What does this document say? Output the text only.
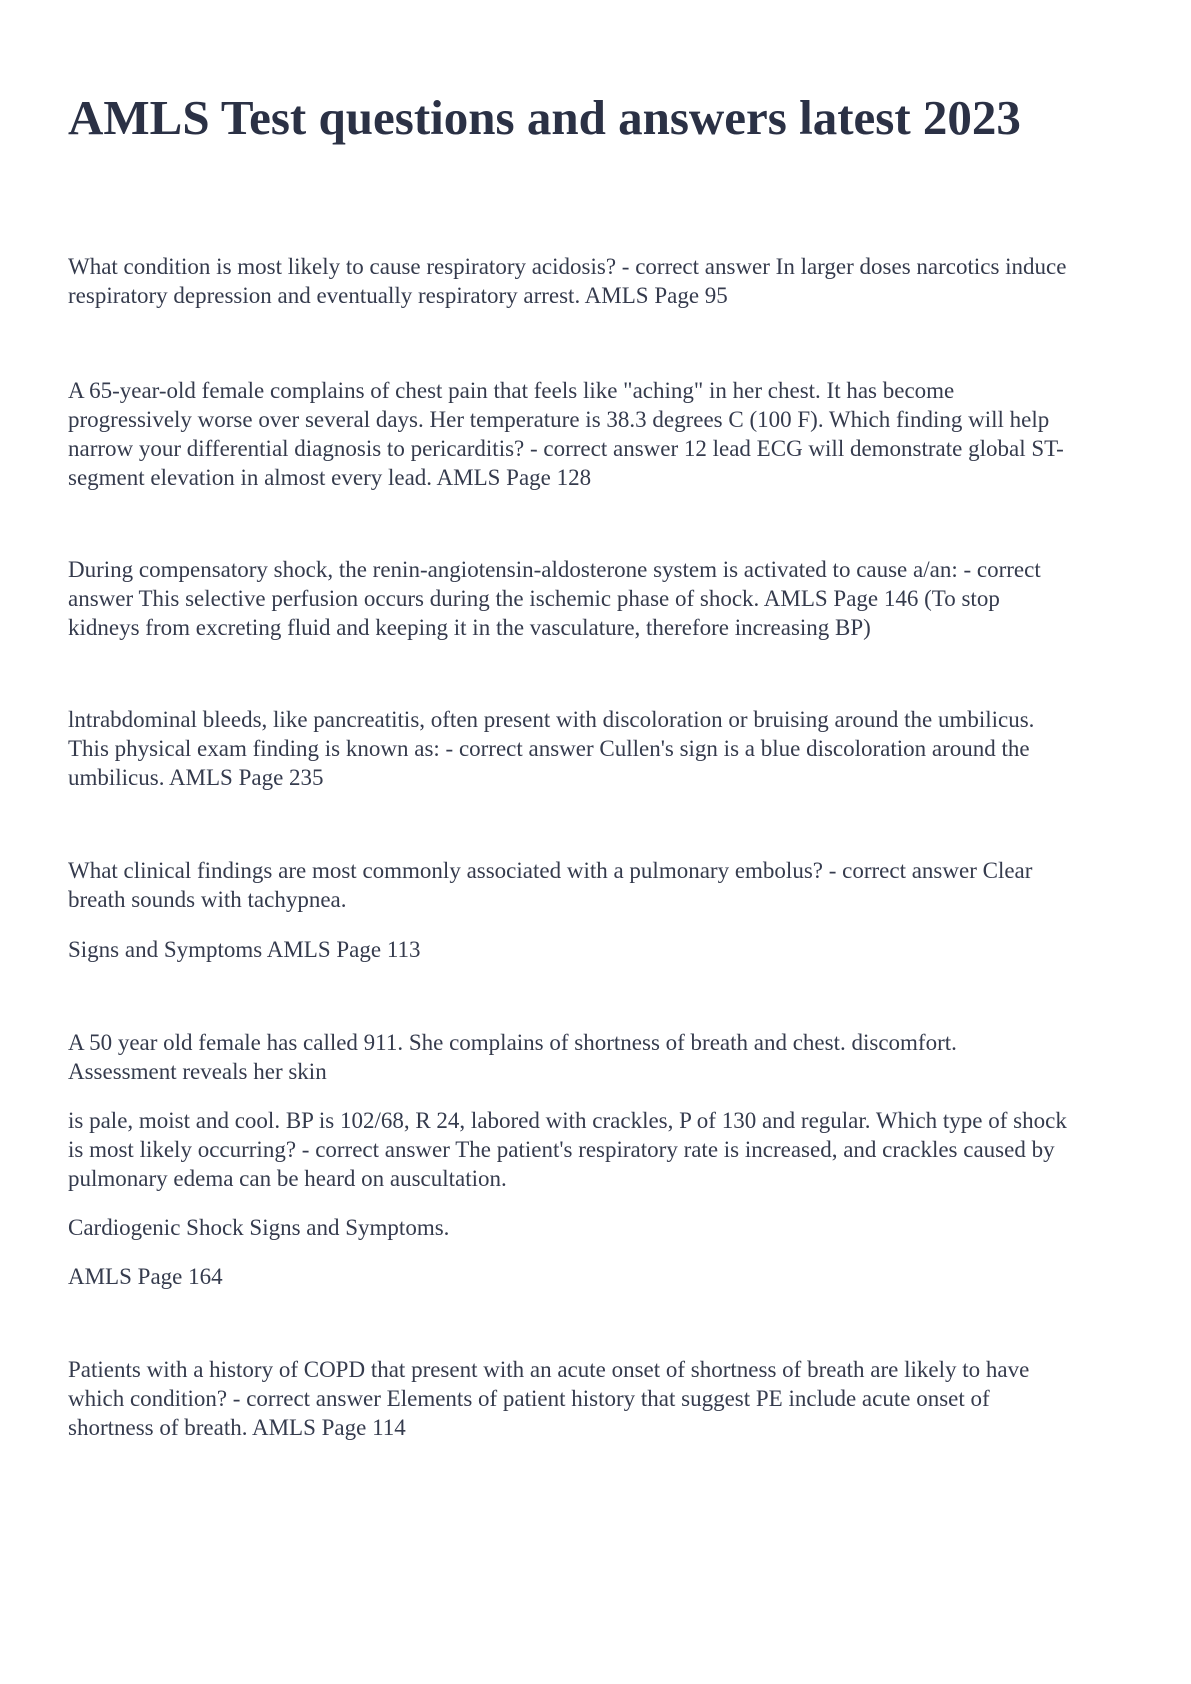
AMLS Test questions and answers latest 2023

What condition is most likely to cause respiratory acidosis? - correct answer In larger doses narcotics induce
respiratory depression and eventually respiratory arrest. AMLS Page 95

A 65-year-old female complains of chest pain that feels like "aching" in her chest. It has become
progressively worse over several days. Her temperature is 38.3 degrees C (100 F). Which finding will help
narrow your differential diagnosis to pericarditis? - correct answer 12 lead ECG will demonstrate global ST-
segment elevation in almost every lead. AMLS Page 128

During compensatory shock, the renin-angiotensin-aldosterone system is activated to cause a/an: - correct
answer This selective perfusion occurs during the ischemic phase of shock. AMLS Page 146 (To stop
kidneys from excreting fluid and keeping it in the vasculature, therefore increasing BP)

lntrabdominal bleeds, like pancreatitis, often present with discoloration or bruising around the umbilicus.
This physical exam finding is known as: - correct answer Cullen's sign is a blue discoloration around the
umbilicus. AMLS Page 235

What clinical findings are most commonly associated with a pulmonary embolus? - correct answer Clear
breath sounds with tachypnea.

Signs and Symptoms AMLS Page 113

A 50 year old female has called 911. She complains of shortness of breath and chest. discomfort.
Assessment reveals her skin

is pale, moist and cool. BP is 102/68, R 24, labored with crackles, P of 130 and regular. Which type of shock
is most likely occurring? - correct answer The patient's respiratory rate is increased, and crackles caused by
pulmonary edema can be heard on auscultation.

Cardiogenic Shock Signs and Symptoms.

AMLS Page 164

Patients with a history of COPD that present with an acute onset of shortness of breath are likely to have
which condition? - correct answer Elements of patient history that suggest PE include acute onset of
shortness of breath. AMLS Page 114
